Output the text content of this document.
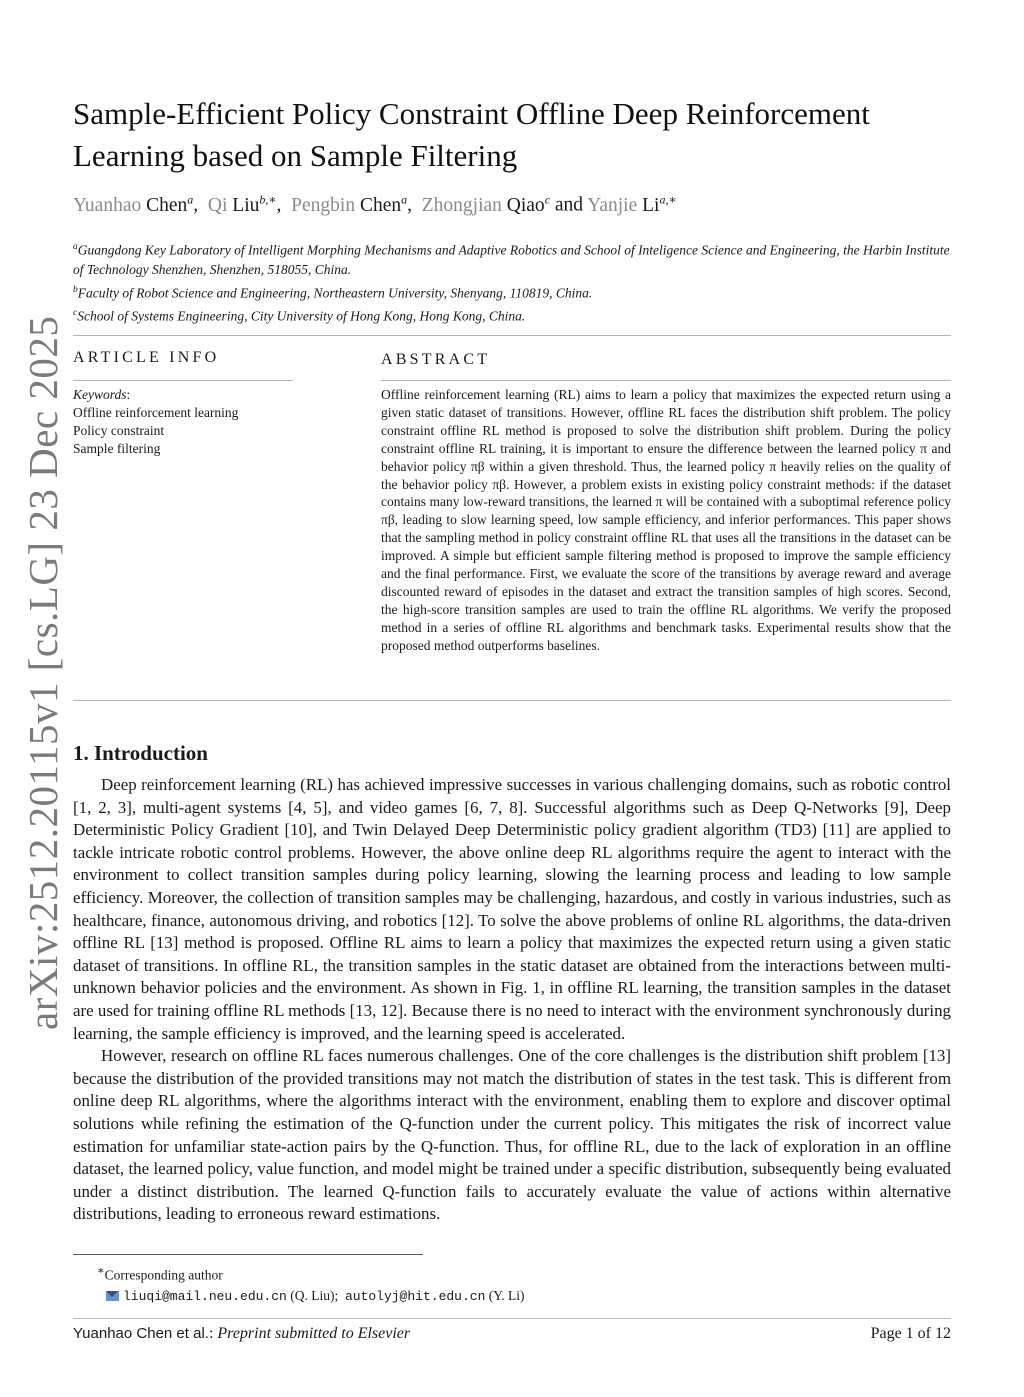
arXiv:2512.20115v1 [cs.LG] 23 Dec 2025
Sample-Efficient Policy Constraint Offline Deep Reinforcement Learning based on Sample Filtering
Yuanhao Chen$^a$,  Qi Liu$^{b,∗}$,  Pengbin Chen$^a$,  Zhongjian Qiao$^c$ and Yanjie $Li^{a,∗}$

$^a$Guangdong Key Laboratory of Intelligent Morphing Mechanisms and Adaptive Robotics and School of Inteligence Science and Engineering, the Harbin Institute of Technology Shenzhen, Shenzhen, 518055, China.

$^b$Faculty of Robot Science and Engineering, Northeastern University, Shenyang, 110819, China.

$^c$School of Systems Engineering, City University of Hong Kong, Hong Kong, China.

ARTICLE INFO
Keywords:
Offline reinforcement learning
Policy constraint
Sample filtering
ABSTRACT

Offline reinforcement learning (RL) aims to learn a policy that maximizes the expected return using a given static dataset of transitions. However, offline RL faces the distribution shift problem. The policy constraint offline RL method is proposed to solve the distribution shift problem. During the policy constraint offline RL training, it is important to ensure the difference between the learned policy π and behavior policy πβ within a given threshold. Thus, the learned policy π heavily relies on the quality of the behavior policy πβ. However, a problem exists in existing policy constraint methods: if the dataset contains many low-reward transitions, the learned π will be contained with a suboptimal reference policy πβ, leading to slow learning speed, low sample efficiency, and inferior performances. This paper shows that the sampling method in policy constraint offline RL that uses all the transitions in the dataset can be improved. A simple but efficient sample filtering method is proposed to improve the sample efficiency and the final performance. First, we evaluate the score of the transitions by average reward and average discounted reward of episodes in the dataset and extract the transition samples of high scores. Second, the high-score transition samples are used to train the offline RL algorithms. We verify the proposed method in a series of offline RL algorithms and benchmark tasks. Experimental results show that the proposed method outperforms baselines.

1. Introduction

Deep reinforcement learning (RL) has achieved impressive successes in various challenging domains, such as robotic control [1, 2, 3], multi-agent systems [4, 5], and video games [6, 7, 8]. Successful algorithms such as Deep Q-Networks [9], Deep Deterministic Policy Gradient [10], and Twin Delayed Deep Deterministic policy gradient algorithm (TD3) [11] are applied to tackle intricate robotic control problems. However, the above online deep RL algorithms require the agent to interact with the environment to collect transition samples during policy learning, slowing the learning process and leading to low sample efficiency. Moreover, the collection of transition samples may be challenging, hazardous, and costly in various industries, such as healthcare, finance, autonomous driving, and robotics [12]. To solve the above problems of online RL algorithms, the data-driven offline RL [13] method is proposed. Offline RL aims to learn a policy that maximizes the expected return using a given static dataset of transitions. In offline RL, the transition samples in the static dataset are obtained from the interactions between multi-unknown behavior policies and the environment. As shown in Fig. 1, in offline RL learning, the transition samples in the dataset are used for training offline RL methods [13, 12]. Because there is no need to interact with the environment synchronously during learning, the sample efficiency is improved, and the learning speed is accelerated.

However, research on offline RL faces numerous challenges. One of the core challenges is the distribution shift problem [13] because the distribution of the provided transitions may not match the distribution of states in the test task. This is different from online deep RL algorithms, where the algorithms interact with the environment, enabling them to explore and discover optimal solutions while refining the estimation of the Q-function under the current policy. This mitigates the risk of incorrect value estimation for unfamiliar state-action pairs by the Q-function. Thus, for offline RL, due to the lack of exploration in an offline dataset, the learned policy, value function, and model might be trained under a specific distribution, subsequently being evaluated under a distinct distribution. The learned Q-function fails to accurately evaluate the value of actions within alternative distributions, leading to erroneous reward estimations.

∗Corresponding author
liuqi@mail.neu.edu.cn (Q. Liu); autolyj@hit.edu.cn (Y. Li)
Yuanhao Chen et al.: Preprint submitted to Elsevier	Page 1 of 12
